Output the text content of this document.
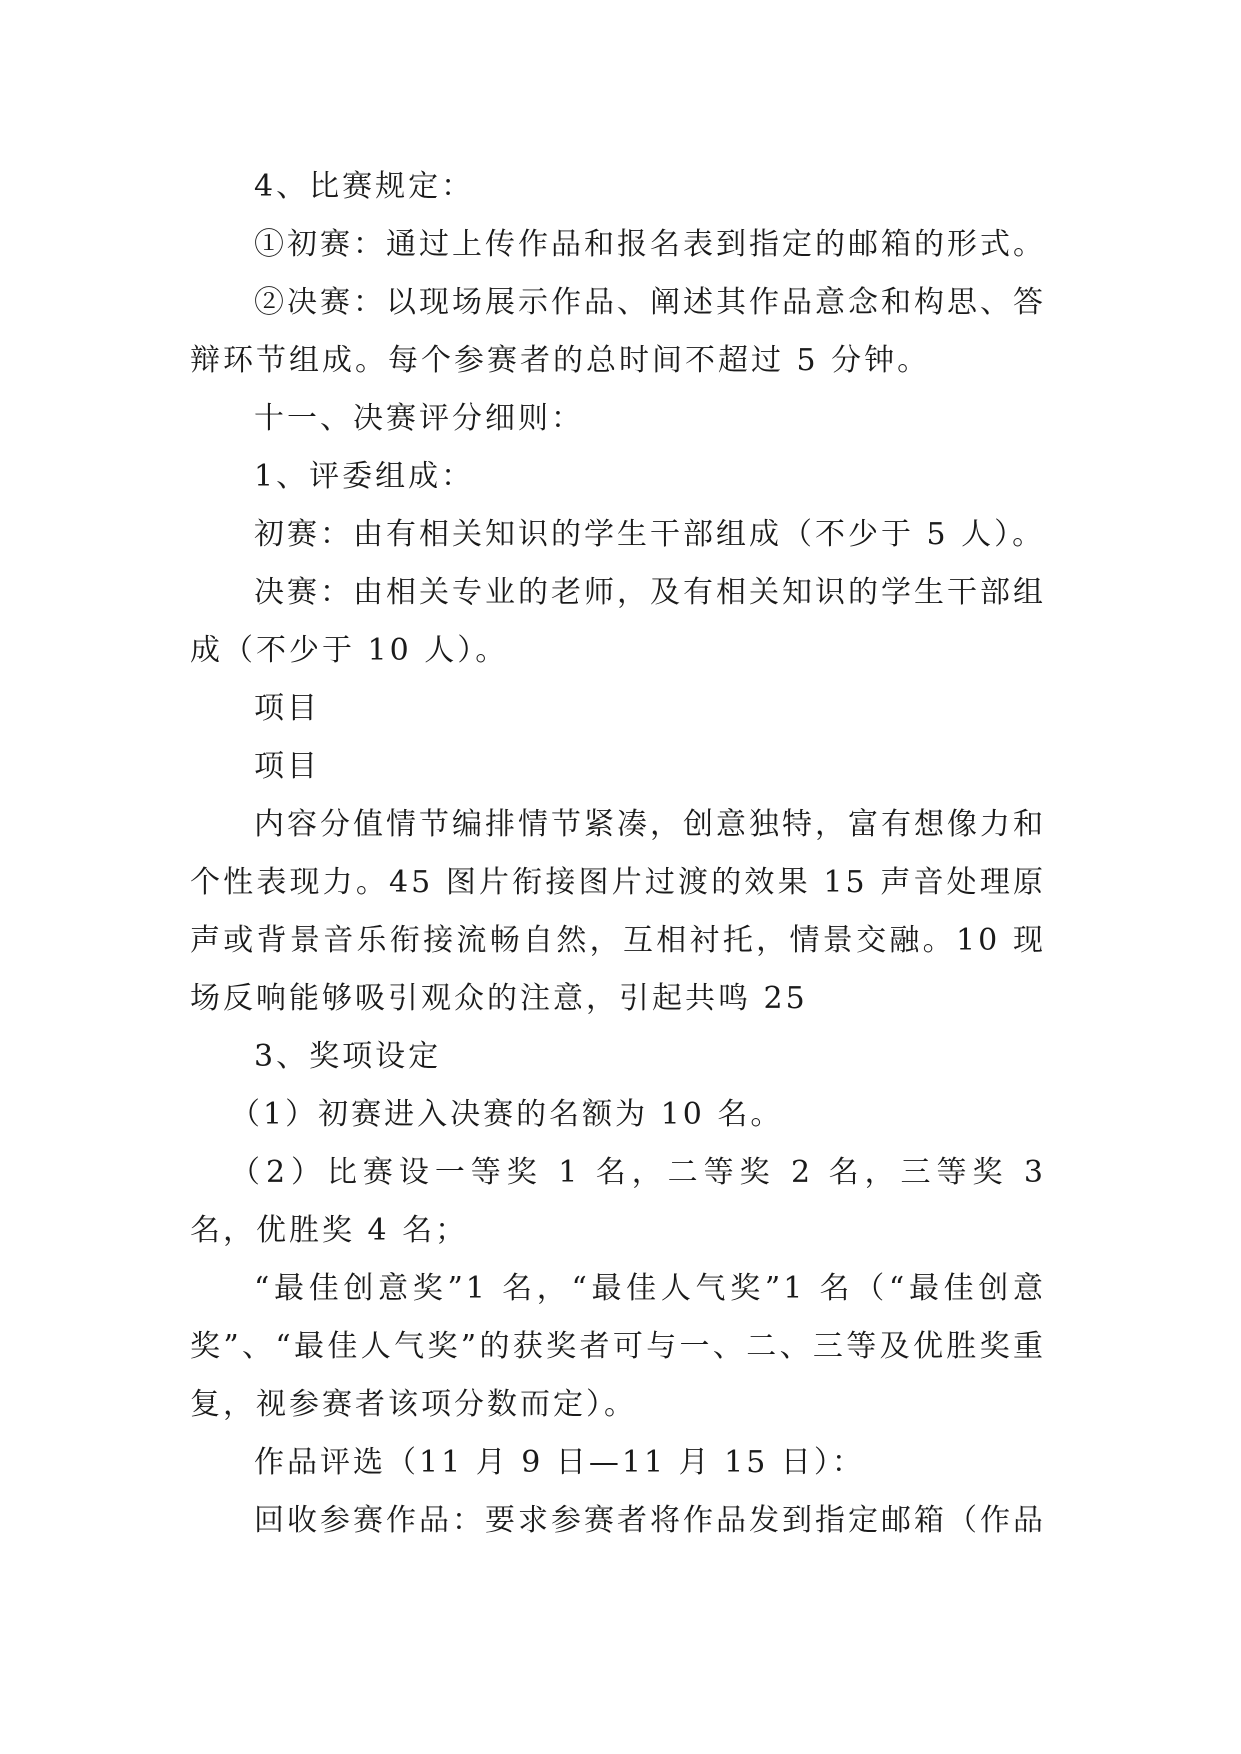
4、比赛规定：

①初赛：通过上传作品和报名表到指定的邮箱的形式。

②决赛：以现场展示作品、阐述其作品意念和构思、答辩环节组成。每个参赛者的总时间不超过 5 分钟。

十一、决赛评分细则：

1、评委组成：

初赛：由有相关知识的学生干部组成（不少于 5 人）。

决赛：由相关专业的老师，及有相关知识的学生干部组成（不少于 10 人）。

项目

项目

内容分值情节编排情节紧凑，创意独特，富有想像力和个性表现力。45 图片衔接图片过渡的效果 15 声音处理原声或背景音乐衔接流畅自然，互相衬托，情景交融。10 现场反响能够吸引观众的注意，引起共鸣 25

3、奖项设定

（1）初赛进入决赛的名额为 10 名。

（2）比赛设一等奖 1 名，二等奖 2 名，三等奖 3 名，优胜奖 4 名；

“最佳创意奖”1 名，“最佳人气奖”1 名（“最佳创意奖”、“最佳人气奖”的获奖者可与一、二、三等及优胜奖重复，视参赛者该项分数而定）。

作品评选（11 月 9 日—11 月 15 日）：

回收参赛作品：要求参赛者将作品发到指定邮箱（作品
